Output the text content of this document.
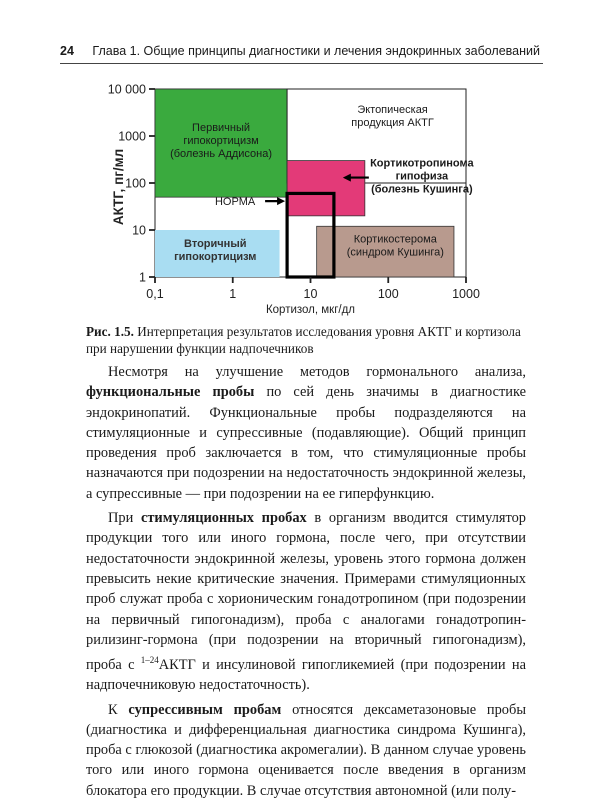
24 Глава 1. Общие принципы диагностики и лечения эндокринных заболеваний
Первичный
гипокортицизм
(болезнь Аддисона)
Эктопическая
продукция АКТГ
Кортикотропинома
гипофиза
(болезнь Кушинга)
Вторичный
гипокортицизм
Кортикостерома
(синдром Кушинга)
НОРМА
0,1	1	10	100	1000
10 000
1000
100
10
1
Кортизол, мкг/дл
АКТГ, пг/мл
Рис. 1.5. Интерпретация результатов исследования уровня АКТГ и кортизола при нарушении функции надпочечников

Несмотря на улучшение методов гормонального анализа, функциональные пробы по сей день значимы в диагностике эндокринопатий. Функциональные пробы подразделяются на стимуляционные и супрессивные (подавляющие). Общий принцип проведения проб заключается в том, что стимуляционные пробы назначаются при подозрении на недостаточность эндокринной железы, а супрессивные — при подозрении на ее гиперфункцию.

При стимуляционных пробах в организм вводится стимулятор продукции того или иного гормона, после чего, при отсутствии недостаточности эндокринной железы, уровень этого гормона должен превысить некие критические значения. Примерами стимуляционных проб служат проба с хорионическим гонадотропином (при подозрении на первичный гипогонадизм), проба с аналогами гонадотропин-рилизинг-гормона (при подозрении на вторичный гипогонадизм), проба с $^{1-24}$АКТГ и инсулиновой гипогликемией (при подозрении на надпочечниковую недостаточность).

К супрессивным пробам относятся дексаметазоновые пробы (диагностика и дифференциальная диагностика синдрома Кушинга), проба с глюкозой (диагностика акромегалии). В данном случае уровень того или иного гормона оценивается после введения в организм блокатора его продукции. В случае отсутствия автономной (или полу-
